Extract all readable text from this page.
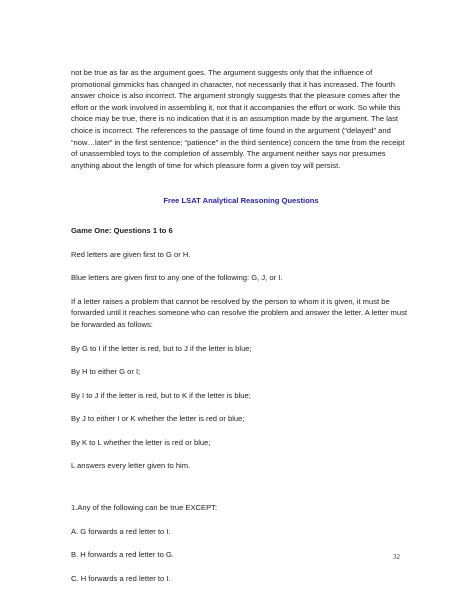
not be true as far as the argument goes. The argument suggests only that the influence of promotional gimmicks has changed in character, not necessarily that it has increased. The fourth answer choice is also incorrect. The argument strongly suggests that the pleasure comes after the effort or the work involved in assembling it, not that it accompanies the effort or work. So while this choice may be true, there is no indication that it is an assumption made by the argument. The last choice is incorrect. The references to the passage of time found in the argument (“delayed” and “now…later” in the first sentence; “patience” in the third sentence) concern the time from the receipt of unassembled toys to the completion of assembly. The argument neither says nor presumes anything about the length of time for which pleasure form a given toy will persist.

Free LSAT Analytical Reasoning Questions

Game One: Questions 1 to 6

Red letters are given first to G or H.

Blue letters are given first to any one of the following: G, J, or I.

If a letter raises a problem that cannot be resolved by the person to whom it is given, it must be forwarded until it reaches someone who can resolve the problem and answer the letter. A letter must be forwarded as follows:

By G to I if the letter is red, but to J if the letter is blue;

By H to either G or I;

By I to J if the letter is red, but to K if the letter is blue;

By J to either I or K whether the letter is red or blue;

By K to L whether the letter is red or blue;

L answers every letter given to him.

1.Any of the following can be true EXCEPT:

A. G forwards a red letter to I.

B. H forwards a red letter to G.

C. H forwards a red letter to I.

32
